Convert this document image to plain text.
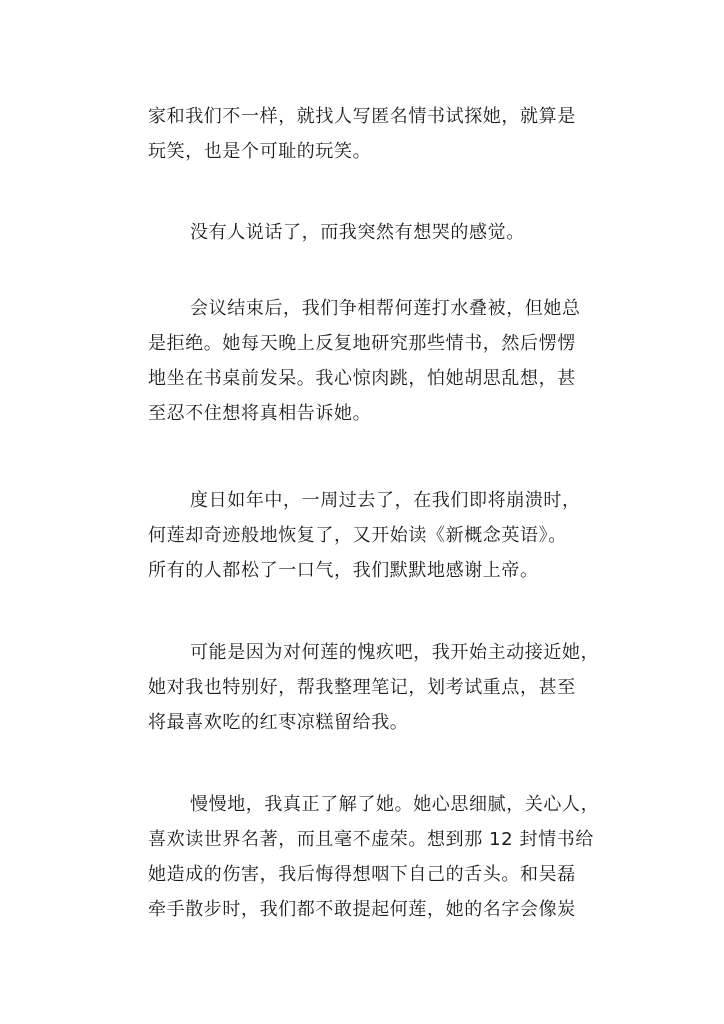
家和我们不一样，就找人写匿名情书试探她，就算是
玩笑，也是个可耻的玩笑。
没有人说话了，而我突然有想哭的感觉。
会议结束后，我们争相帮何莲打水叠被，但她总
是拒绝。她每天晚上反复地研究那些情书，然后愣愣
地坐在书桌前发呆。我心惊肉跳，怕她胡思乱想，甚
至忍不住想将真相告诉她。
度日如年中，一周过去了，在我们即将崩溃时，
何莲却奇迹般地恢复了，又开始读《新概念英语》。
所有的人都松了一口气，我们默默地感谢上帝。
可能是因为对何莲的愧疚吧，我开始主动接近她，
她对我也特别好，帮我整理笔记，划考试重点，甚至
将最喜欢吃的红枣凉糕留给我。
慢慢地，我真正了解了她。她心思细腻，关心人，
喜欢读世界名著，而且毫不虚荣。想到那 12 封情书给
她造成的伤害，我后悔得想咽下自己的舌头。和吴磊
牵手散步时，我们都不敢提起何莲，她的名字会像炭
